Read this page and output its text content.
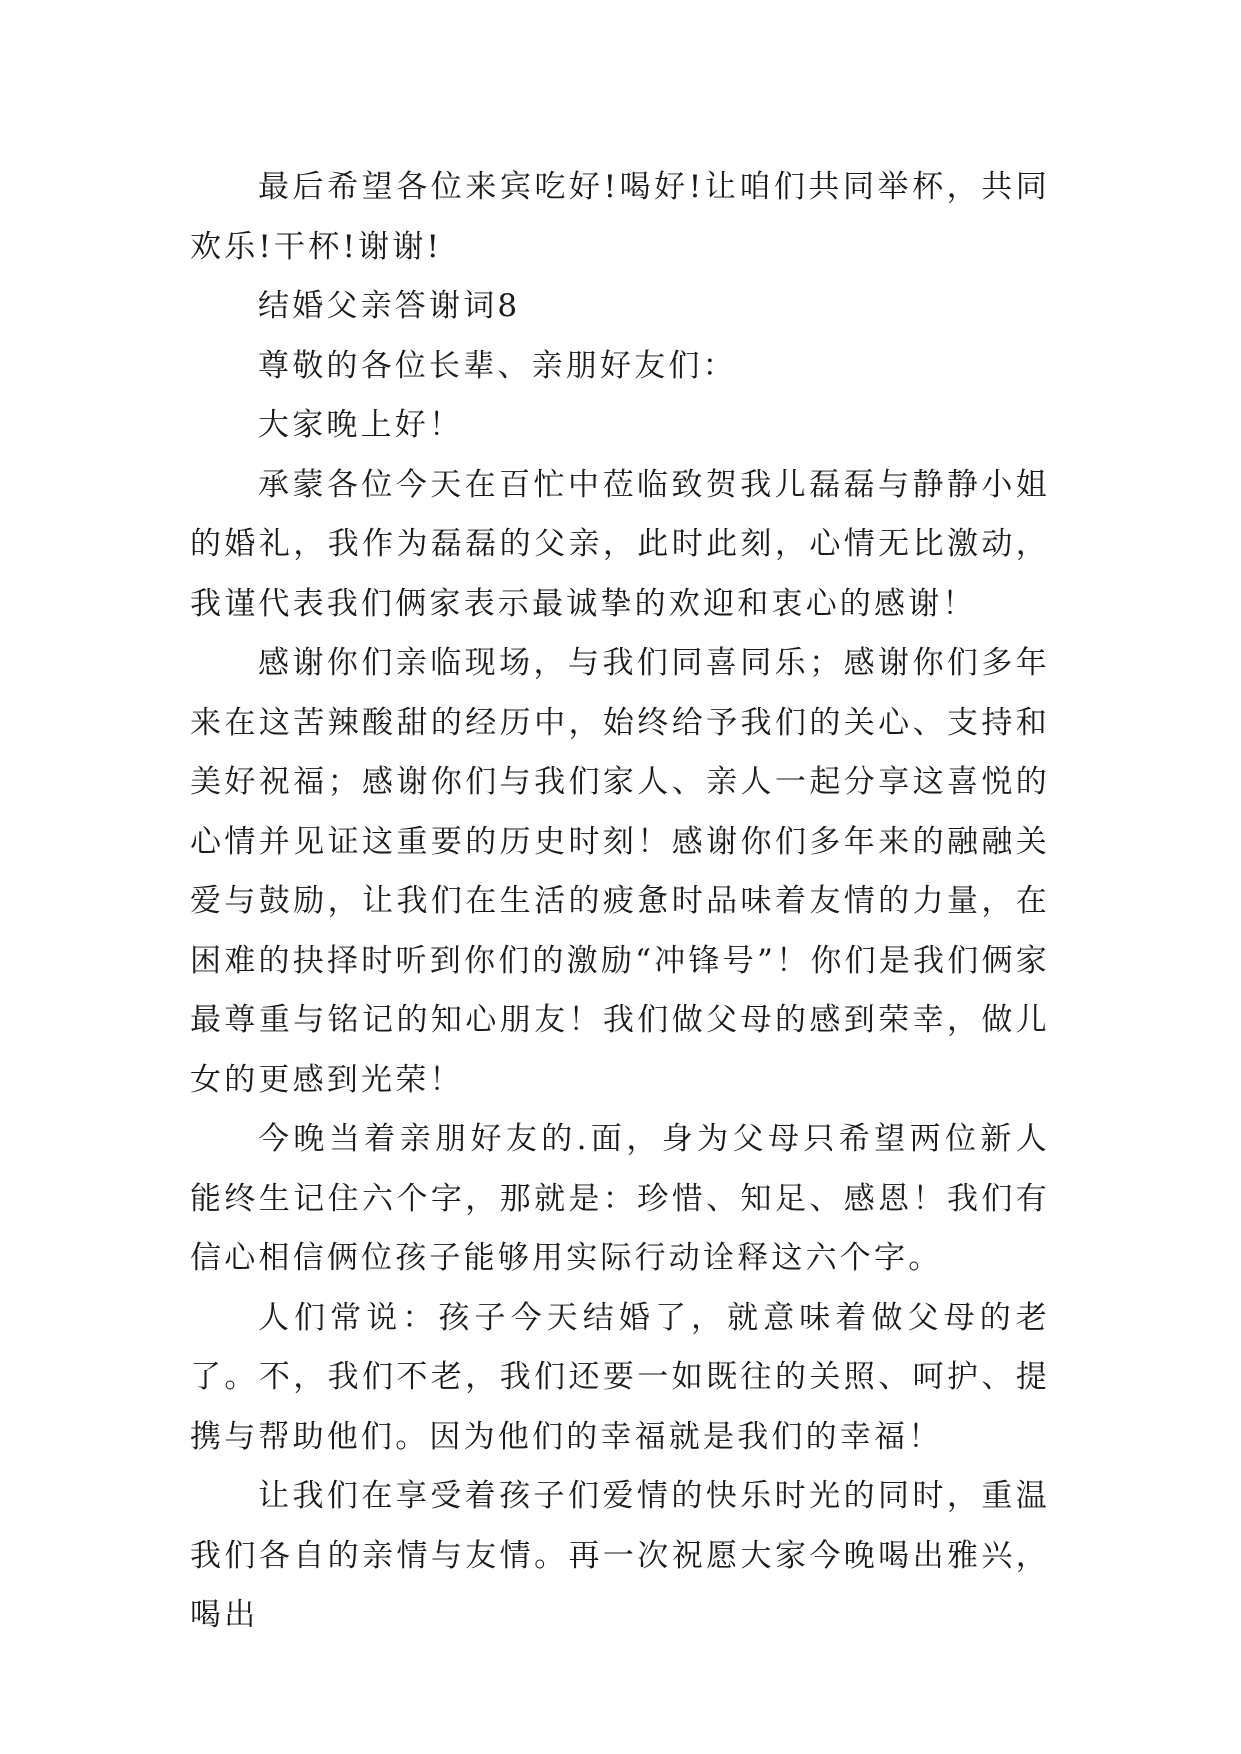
最后希望各位来宾吃好!喝好!让咱们共同举杯，共同欢乐!干杯!谢谢!

结婚父亲答谢词8

尊敬的各位长辈、亲朋好友们：

大家晚上好！

承蒙各位今天在百忙中莅临致贺我儿磊磊与静静小姐的婚礼，我作为磊磊的父亲，此时此刻，心情无比激动，我谨代表我们俩家表示最诚挚的欢迎和衷心的感谢！

感谢你们亲临现场，与我们同喜同乐；感谢你们多年来在这苦辣酸甜的经历中，始终给予我们的关心、支持和美好祝福；感谢你们与我们家人、亲人一起分享这喜悦的心情并见证这重要的历史时刻！感谢你们多年来的融融关爱与鼓励，让我们在生活的疲惫时品味着友情的力量，在困难的抉择时听到你们的激励“冲锋号”！你们是我们俩家最尊重与铭记的知心朋友！我们做父母的感到荣幸，做儿女的更感到光荣！

今晚当着亲朋好友的.面，身为父母只希望两位新人能终生记住六个字，那就是：珍惜、知足、感恩！我们有信心相信俩位孩子能够用实际行动诠释这六个字。

人们常说：孩子今天结婚了，就意味着做父母的老了。不，我们不老，我们还要一如既往的关照、呵护、提携与帮助他们。因为他们的幸福就是我们的幸福！

让我们在享受着孩子们爱情的快乐时光的同时，重温我们各自的亲情与友情。再一次祝愿大家今晚喝出雅兴，喝出
